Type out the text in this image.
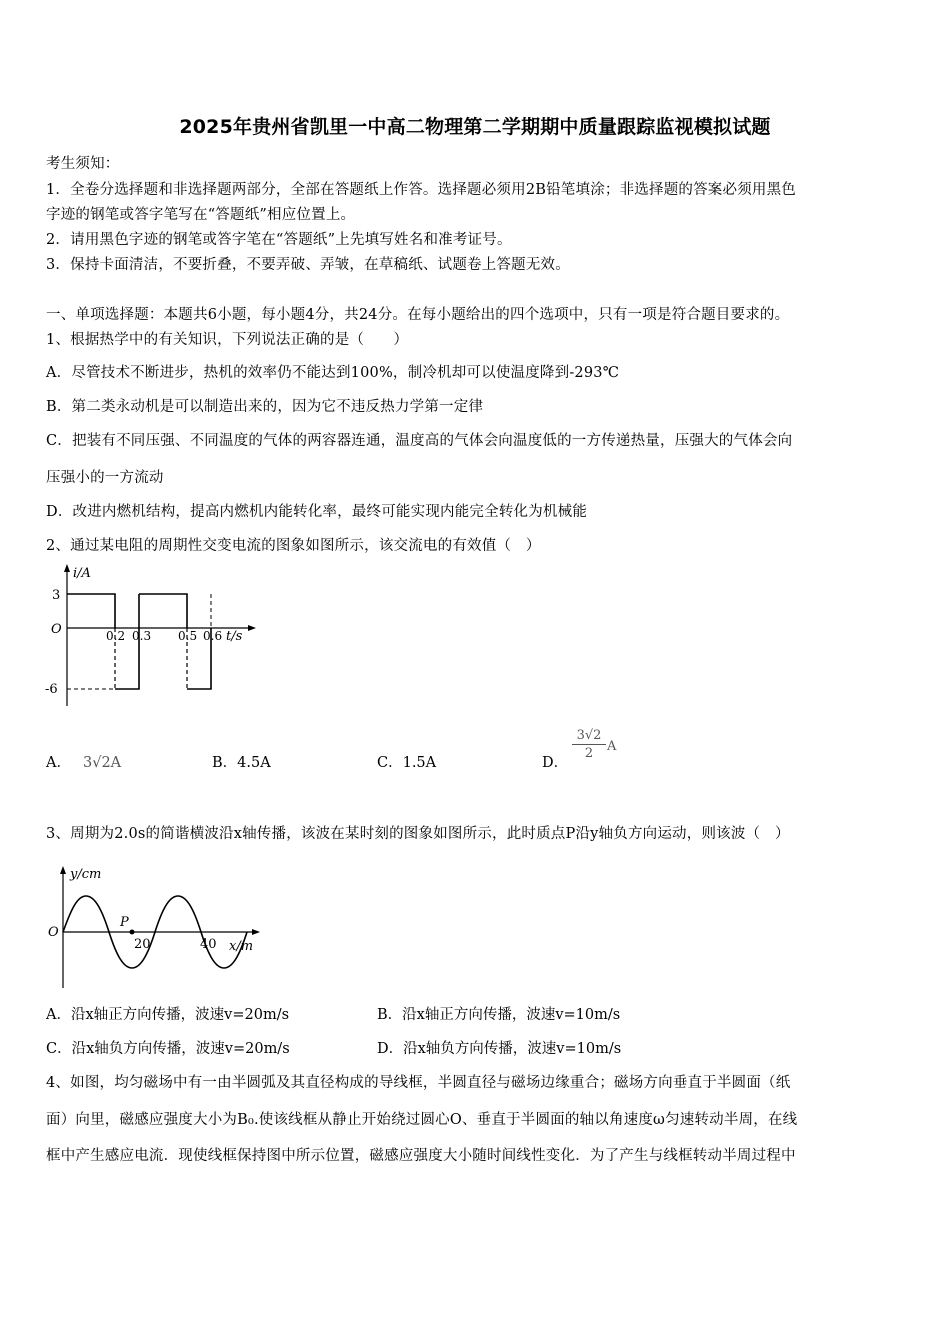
2025年贵州省凯里一中高二物理第二学期期中质量跟踪监视模拟试题
考生须知：
1．全卷分选择题和非选择题两部分，全部在答题纸上作答。选择题必须用2B铅笔填涂；非选择题的答案必须用黑色
字迹的钢笔或答字笔写在“答题纸”相应位置上。
2．请用黑色字迹的钢笔或答字笔在“答题纸”上先填写姓名和准考证号。
3．保持卡面清洁，不要折叠，不要弄破、弄皱，在草稿纸、试题卷上答题无效。
一、单项选择题：本题共6小题，每小题4分，共24分。在每小题给出的四个选项中，只有一项是符合题目要求的。
1、根据热学中的有关知识，下列说法正确的是（　　）
A．尽管技术不断进步，热机的效率仍不能达到100%，制冷机却可以使温度降到-293℃
B．第二类永动机是可以制造出来的，因为它不违反热力学第一定律
C．把装有不同压强、不同温度的气体的两容器连通，温度高的气体会向温度低的一方传递热量，压强大的气体会向
压强小的一方流动
D．改进内燃机结构，提高内燃机内能转化率，最终可能实现内能完全转化为机械能
2、通过某电阻的周期性交变电流的图象如图所示，该交流电的有效值（　）
i/A
t/s
O
3
-6
0.2 0.3 0.5 0.6
A． 3√2A	B．4.5A	C．1.5A	D．
$\frac{3√2}{2}$ A
3、周期为2.0s的简谐横波沿x轴传播，该波在某时刻的图象如图所示，此时质点P沿y轴负方向运动，则该波（　）
y/cm
x/m
O
P
20	40
A．沿x轴正方向传播，波速v=20m/s	B．沿x轴正方向传播，波速v=10m/s
C．沿x轴负方向传播，波速v=20m/s	D．沿x轴负方向传播，波速v=10m/s
4、如图，均匀磁场中有一由半圆弧及其直径构成的导线框，半圆直径与磁场边缘重合；磁场方向垂直于半圆面（纸
面）向里，磁感应强度大小为B₀.使该线框从静止开始绕过圆心O、垂直于半圆面的轴以角速度ω匀速转动半周，在线
框中产生感应电流．现使线框保持图中所示位置，磁感应强度大小随时间线性变化．为了产生与线框转动半周过程中
